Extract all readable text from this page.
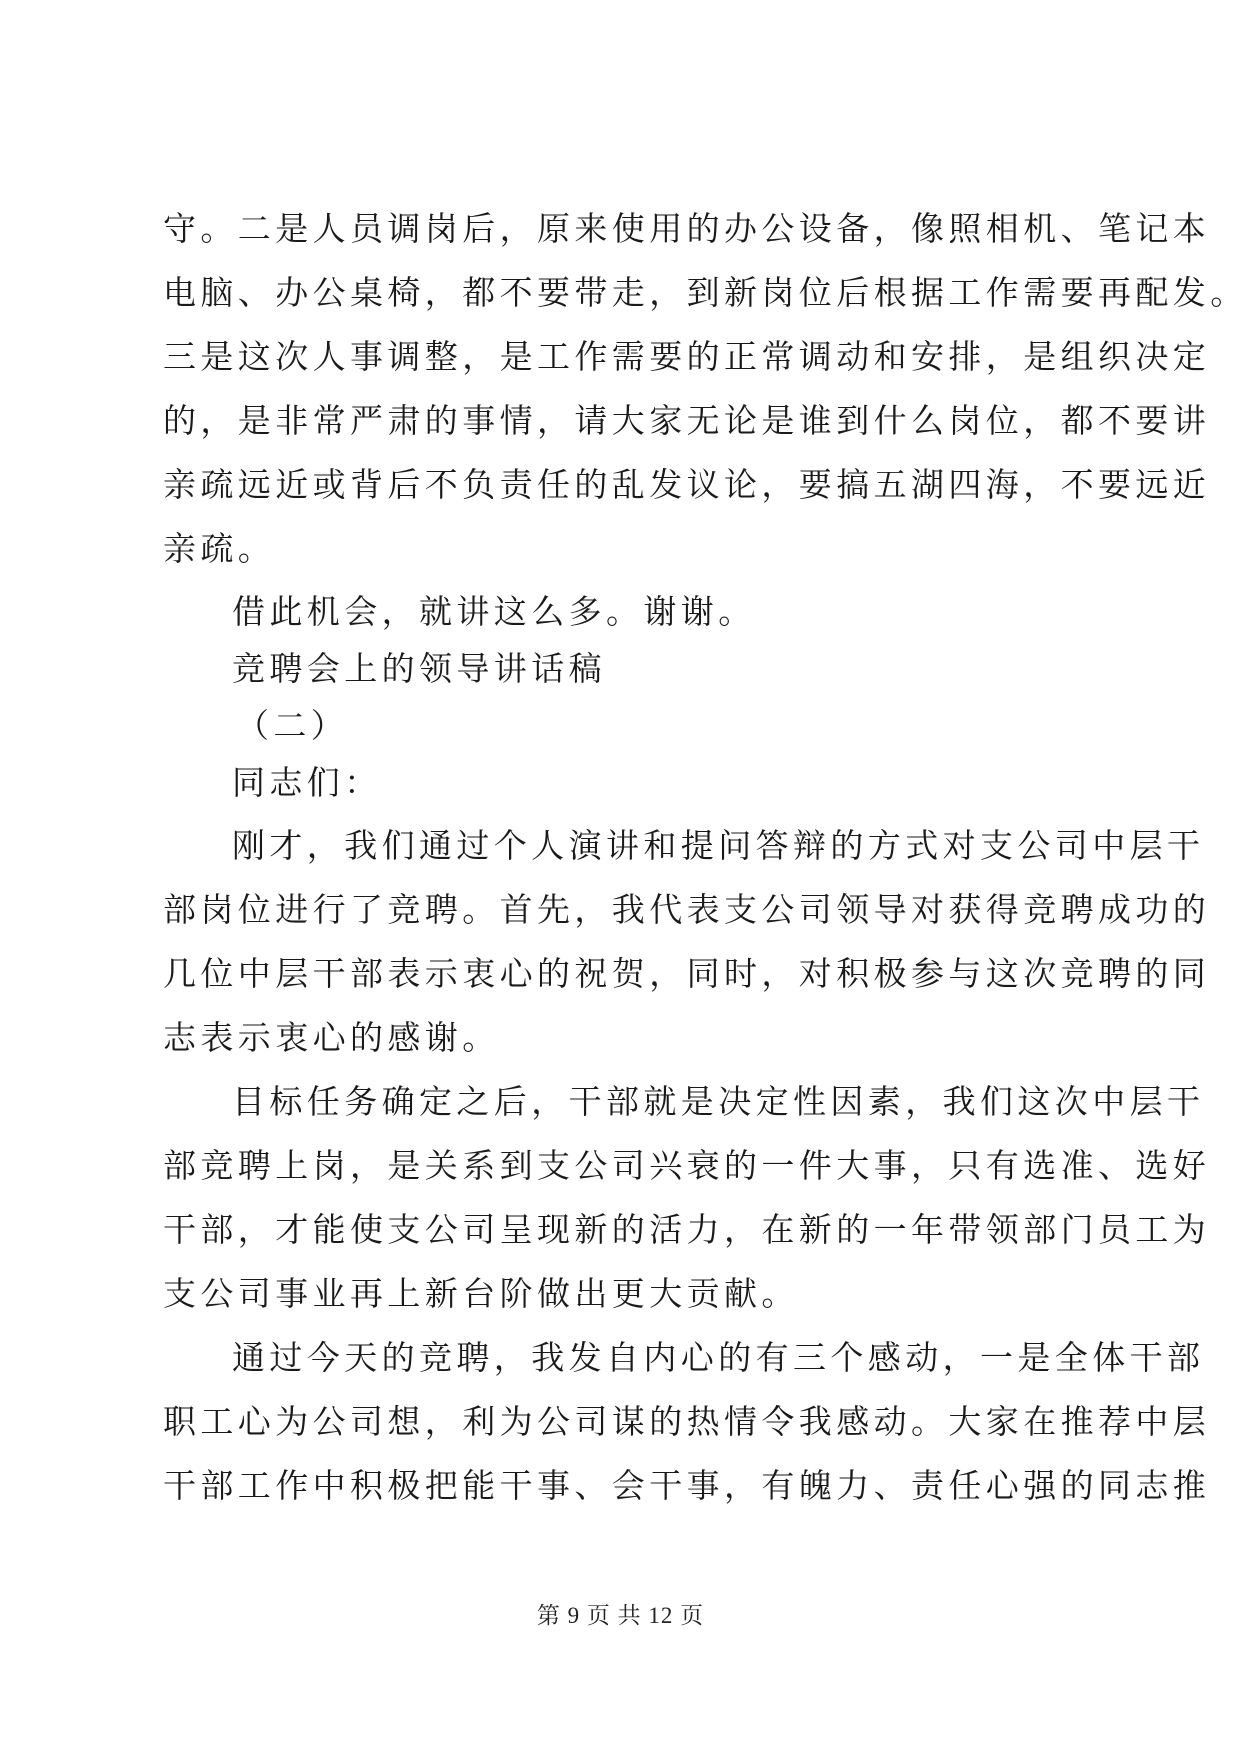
守。二是人员调岗后，原来使用的办公设备，像照相机、笔记本
电脑、办公桌椅，都不要带走，到新岗位后根据工作需要再配发。
三是这次人事调整，是工作需要的正常调动和安排，是组织决定
的，是非常严肃的事情，请大家无论是谁到什么岗位，都不要讲
亲疏远近或背后不负责任的乱发议论，要搞五湖四海，不要远近
亲疏。
借此机会，就讲这么多。谢谢。
竞聘会上的领导讲话稿
（二）
同志们：
刚才，我们通过个人演讲和提问答辩的方式对支公司中层干
部岗位进行了竞聘。首先，我代表支公司领导对获得竞聘成功的
几位中层干部表示衷心的祝贺，同时，对积极参与这次竞聘的同
志表示衷心的感谢。
目标任务确定之后，干部就是决定性因素，我们这次中层干
部竞聘上岗，是关系到支公司兴衰的一件大事，只有选准、选好
干部，才能使支公司呈现新的活力，在新的一年带领部门员工为
支公司事业再上新台阶做出更大贡献。
通过今天的竞聘，我发自内心的有三个感动，一是全体干部
职工心为公司想，利为公司谋的热情令我感动。大家在推荐中层
干部工作中积极把能干事、会干事，有魄力、责任心强的同志推
第 9 页 共 12 页
